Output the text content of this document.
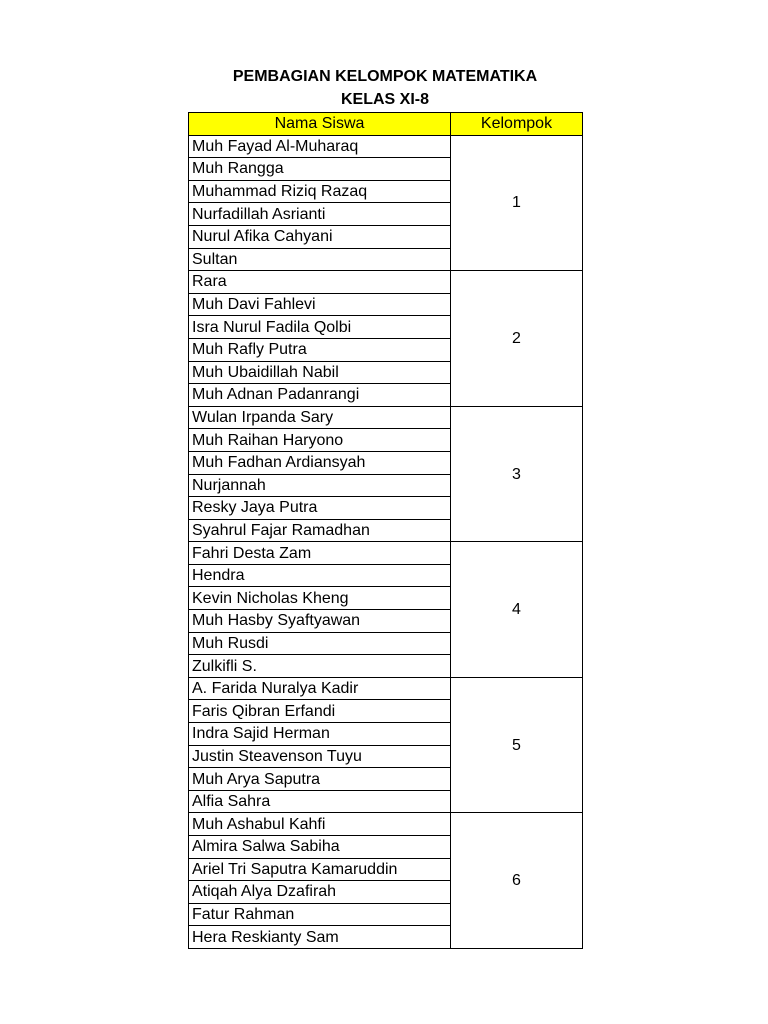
PEMBAGIAN KELOMPOK MATEMATIKA
KELAS XI-8
Nama Siswa	Kelompok
Muh Fayad Al-Muharaq	1
Muh Rangga	
Muhammad Riziq Razaq	
Nurfadillah Asrianti	
Nurul Afika Cahyani	
Sultan	
Rara	2
Muh Davi Fahlevi	
Isra Nurul Fadila Qolbi	
Muh Rafly Putra	
Muh Ubaidillah Nabil	
Muh Adnan Padanrangi	
Wulan Irpanda Sary	3
Muh Raihan Haryono	
Muh Fadhan Ardiansyah	
Nurjannah	
Resky Jaya Putra	
Syahrul Fajar Ramadhan	
Fahri Desta Zam	4
Hendra	
Kevin Nicholas Kheng	
Muh Hasby Syaftyawan	
Muh Rusdi	
Zulkifli S.	
A. Farida Nuralya Kadir	5
Faris Qibran Erfandi	
Indra Sajid Herman	
Justin Steavenson Tuyu	
Muh Arya Saputra	
Alfia Sahra	
Muh Ashabul Kahfi	6
Almira Salwa Sabiha	
Ariel Tri Saputra Kamaruddin	
Atiqah Alya Dzafirah	
Fatur Rahman	
Hera Reskianty Sam	
